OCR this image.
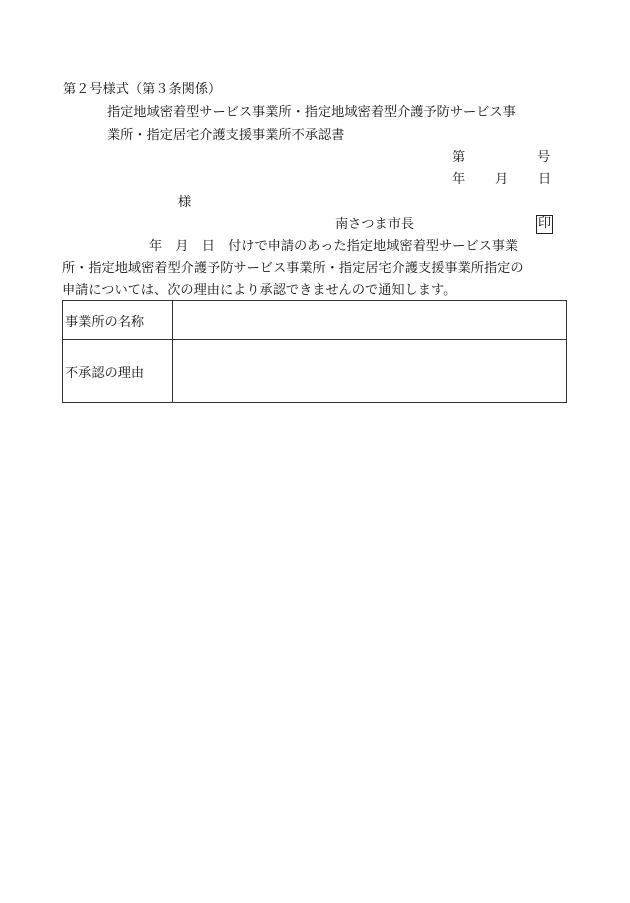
第２号様式（第３条関係）
指定地域密着型サービス事業所・指定地域密着型介護予防サービス事
業所・指定居宅介護支援事業所不承認書
第	号
年 月 日
様
南さつま市長	印
年　月　日　付けで申請のあった指定地域密着型サービス事業
所・指定地域密着型介護予防サービス事業所・指定居宅介護支援事業所指定の
申請については、次の理由により承認できませんので通知します。
事業所の名称	
不承認の理由	
